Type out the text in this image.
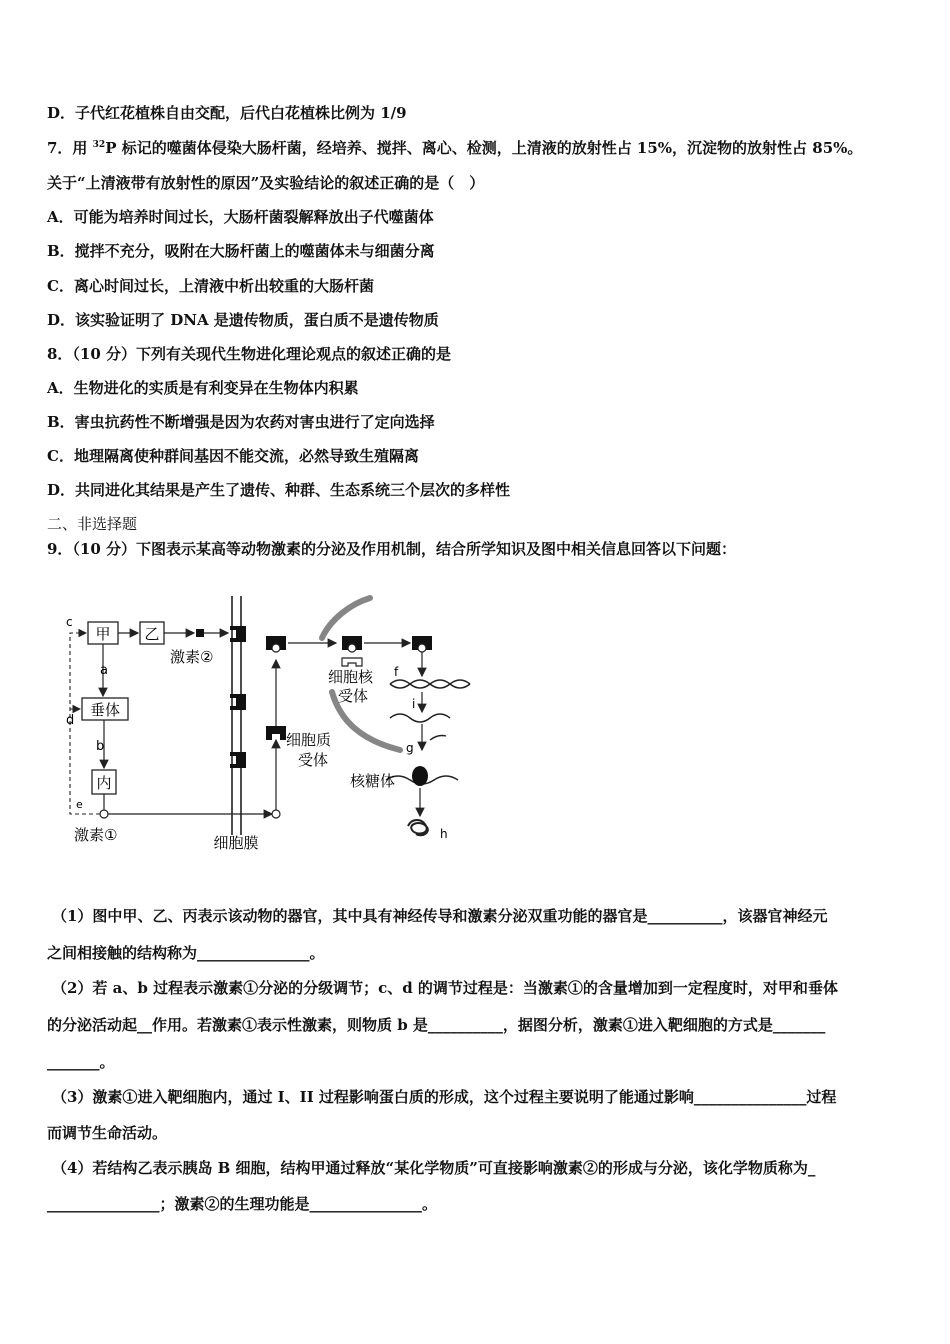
D．子代红花植株自由交配，后代白花植株比例为 1/9
7．用 $^{32}$P 标记的噬菌体侵染大肠杆菌，经培养、搅拌、离心、检测，上清液的放射性占 15%，沉淀物的放射性占 85%。
关于“上清液带有放射性的原因”及实验结论的叙述正确的是（　）
A．可能为培养时间过长，大肠杆菌裂解释放出子代噬菌体
B．搅拌不充分，吸附在大肠杆菌上的噬菌体未与细菌分离
C．离心时间过长，上清液中析出较重的大肠杆菌
D．该实验证明了 DNA 是遗传物质，蛋白质不是遗传物质
8．（10 分）下列有关现代生物进化理论观点的叙述正确的是
A．生物进化的实质是有利变异在生物体内积累
B．害虫抗药性不断增强是因为农药对害虫进行了定向选择
C．地理隔离使种群间基因不能交流，必然导致生殖隔离
D．共同进化其结果是产生了遗传、种群、生态系统三个层次的多样性
二、非选择题
9．（10 分）下图表示某高等动物激素的分泌及作用机制，结合所学知识及图中相关信息回答以下问题：
甲 乙
激素②
垂体
内
a
b
c
d
e
激素①	细胞膜
细胞质
受体
细胞核
受体
f
i
g
核糖体
h
（1）图中甲、乙、丙表示该动物的器官，其中具有神经传导和激素分泌双重功能的器官是__________，该器官神经元
之间相接触的结构称为_______________。
（2）若 a、b 过程表示激素①分泌的分级调节；c、d 的调节过程是：当激素①的含量增加到一定程度时，对甲和垂体
的分泌活动起__作用。若激素①表示性激素，则物质 b 是__________，据图分析，激素①进入靶细胞的方式是_______
_______。
（3）激素①进入靶细胞内，通过 I、II 过程影响蛋白质的形成，这个过程主要说明了能通过影响_______________过程
而调节生命活动。
（4）若结构乙表示胰岛 B 细胞，结构甲通过释放“某化学物质”可直接影响激素②的形成与分泌，该化学物质称为_
_______________；激素②的生理功能是_______________。
